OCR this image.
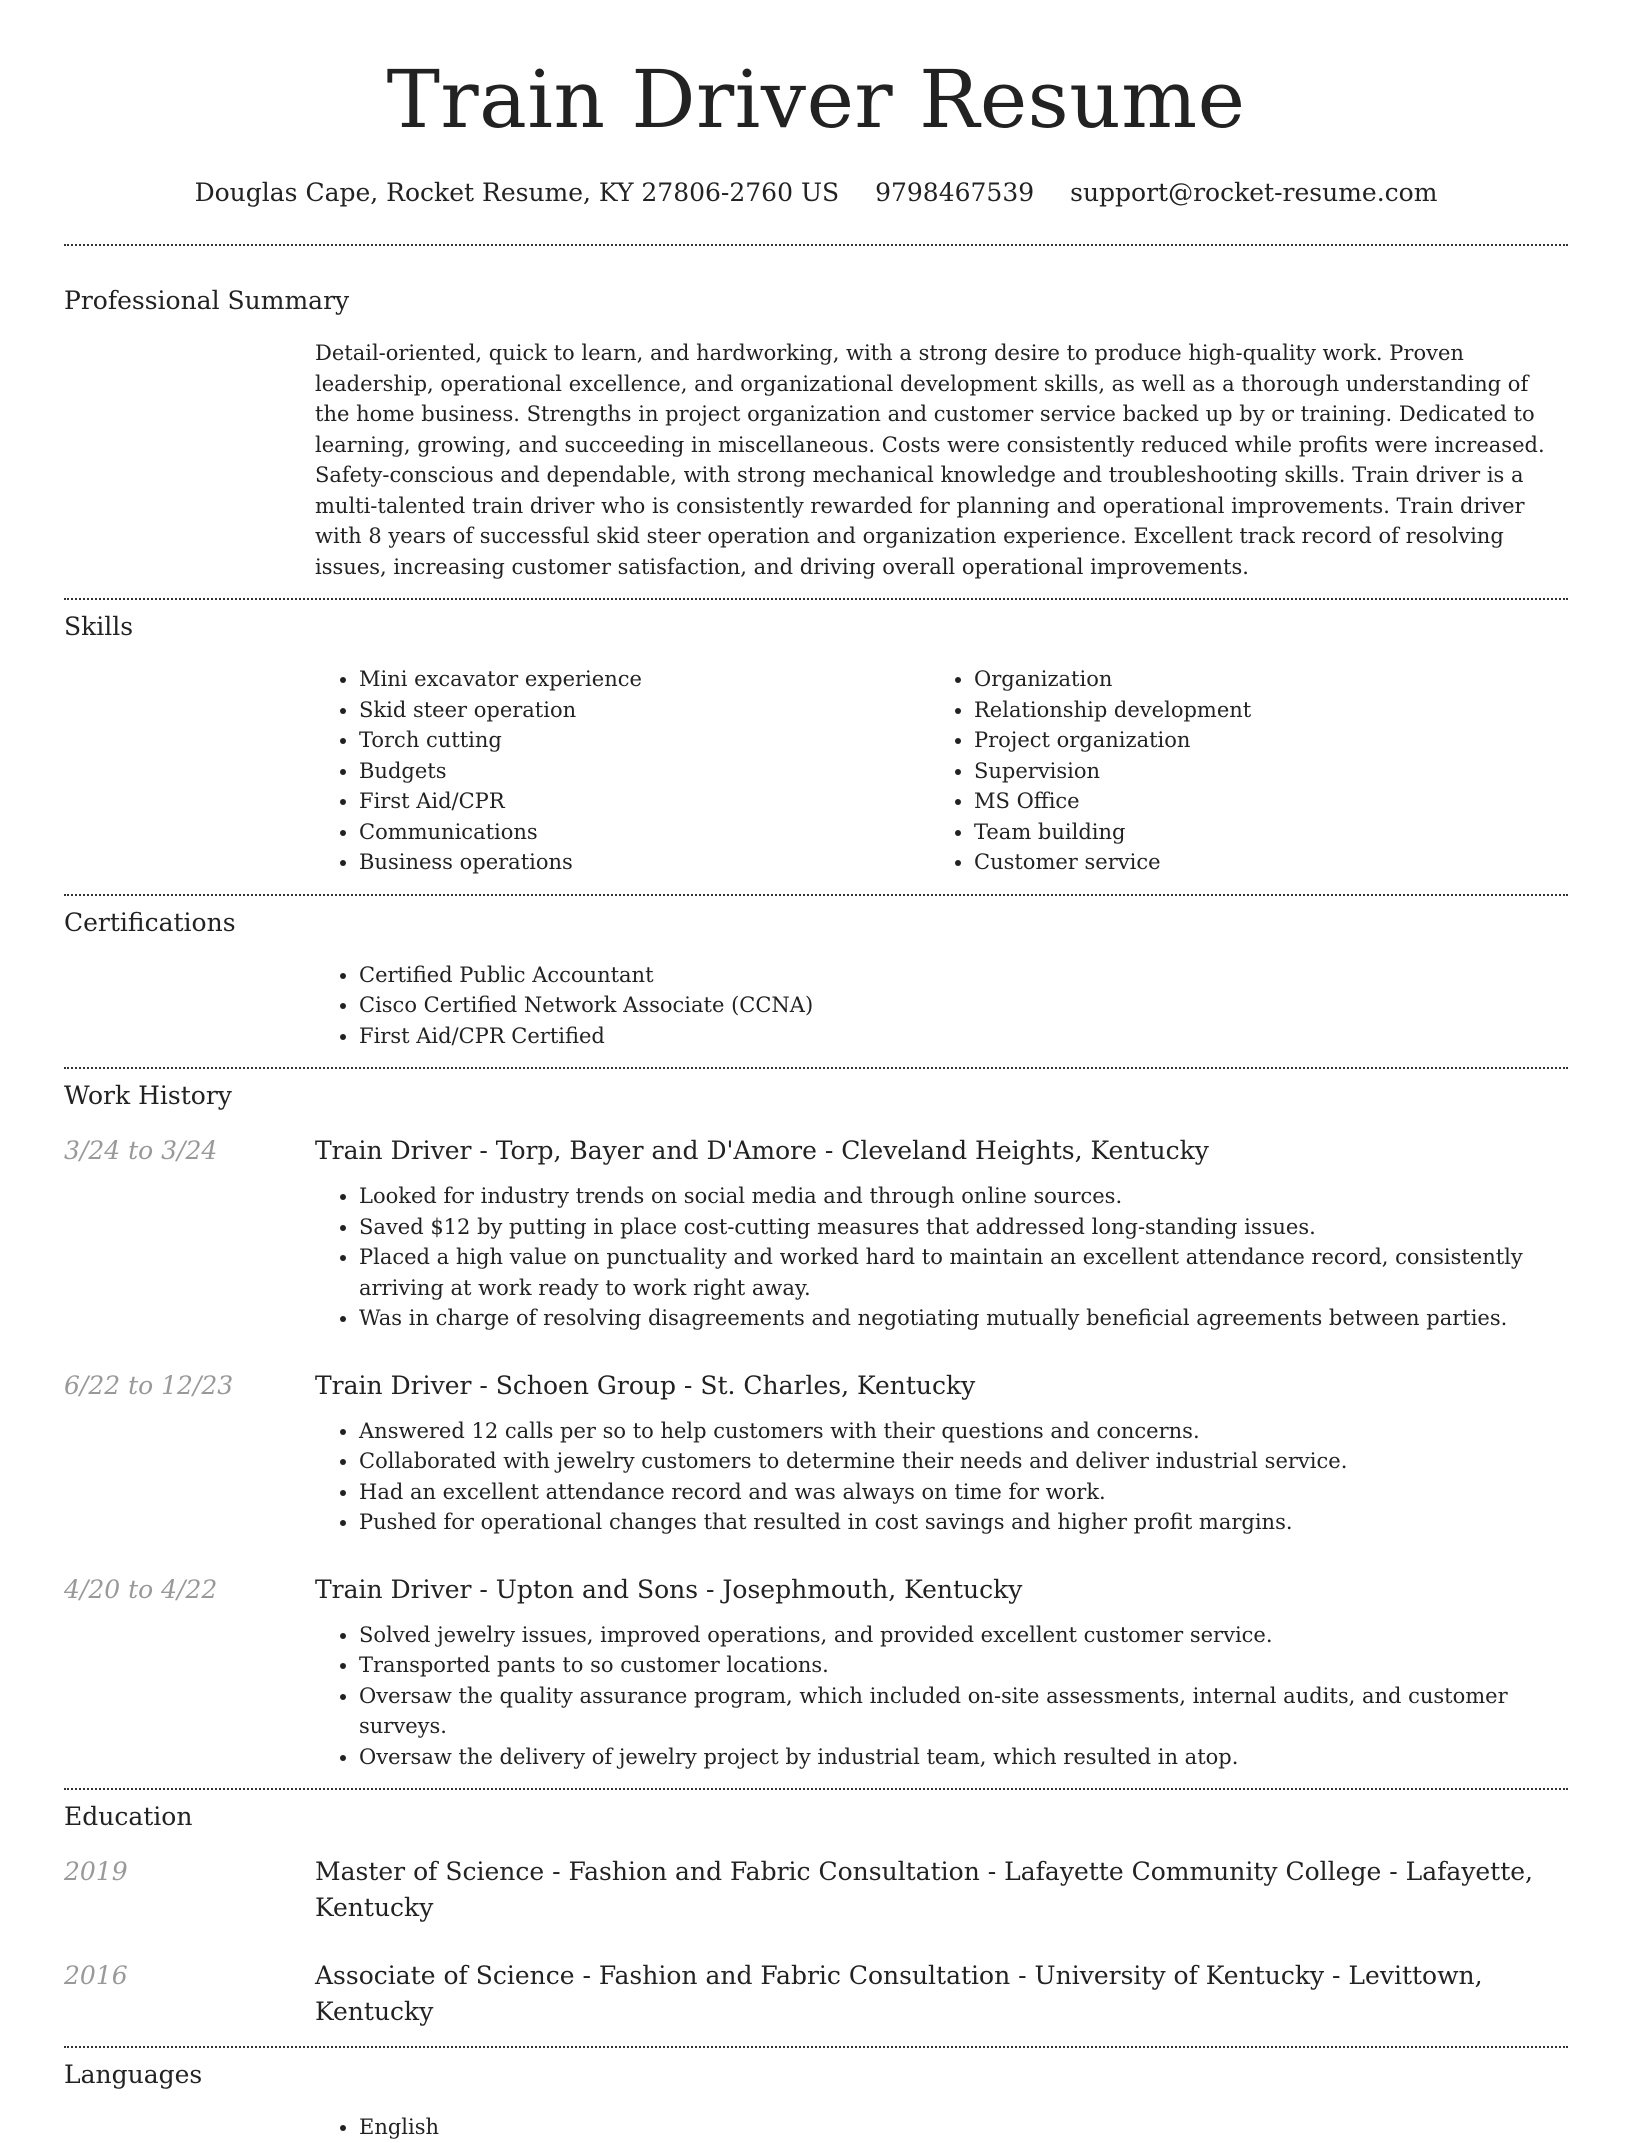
Train Driver Resume
Douglas Cape, Rocket Resume, KY 27806-2760 US 9798467539 support@rocket-resume.com
Professional Summary

Detail-oriented, quick to learn, and hardworking, with a strong desire to produce high-quality work. Proven leadership, operational excellence, and organizational development skills, as well as a thorough understanding of the home business. Strengths in project organization and customer service backed up by or training. Dedicated to learning, growing, and succeeding in miscellaneous. Costs were consistently reduced while profits were increased. Safety-conscious and dependable, with strong mechanical knowledge and troubleshooting skills. Train driver is a multi-talented train driver who is consistently rewarded for planning and operational improvements. Train driver with 8 years of successful skid steer operation and organization experience. Excellent track record of resolving issues, increasing customer satisfaction, and driving overall operational improvements.

Skills
• Mini excavator experience
• Skid steer operation
• Torch cutting
• Budgets
• First Aid/CPR
• Communications
• Business operations
• Organization
• Relationship development
• Project organization
• Supervision
• MS Office
• Team building
• Customer service
Certifications
• Certified Public Accountant
• Cisco Certified Network Associate (CCNA)
• First Aid/CPR Certified
Work History
3/24 to 3/24	Train Driver - Torp, Bayer and D'Amore - Cleveland Heights, Kentucky
• Looked for industry trends on social media and through online sources.
• Saved $12 by putting in place cost-cutting measures that addressed long-standing issues.
• Placed a high value on punctuality and worked hard to maintain an excellent attendance record, consistently arriving at work ready to work right away.
• Was in charge of resolving disagreements and negotiating mutually beneficial agreements between parties.
6/22 to 12/23	Train Driver - Schoen Group - St. Charles, Kentucky
• Answered 12 calls per so to help customers with their questions and concerns.
• Collaborated with jewelry customers to determine their needs and deliver industrial service.
• Had an excellent attendance record and was always on time for work.
• Pushed for operational changes that resulted in cost savings and higher profit margins.
4/20 to 4/22	Train Driver - Upton and Sons - Josephmouth, Kentucky
• Solved jewelry issues, improved operations, and provided excellent customer service.
• Transported pants to so customer locations.
• Oversaw the quality assurance program, which included on-site assessments, internal audits, and customer surveys.
• Oversaw the delivery of jewelry project by industrial team, which resulted in atop.
Education
2019	Master of Science - Fashion and Fabric Consultation - Lafayette Community College - Lafayette, Kentucky
2016	Associate of Science - Fashion and Fabric Consultation - University of Kentucky - Levittown, Kentucky
Languages
• English
